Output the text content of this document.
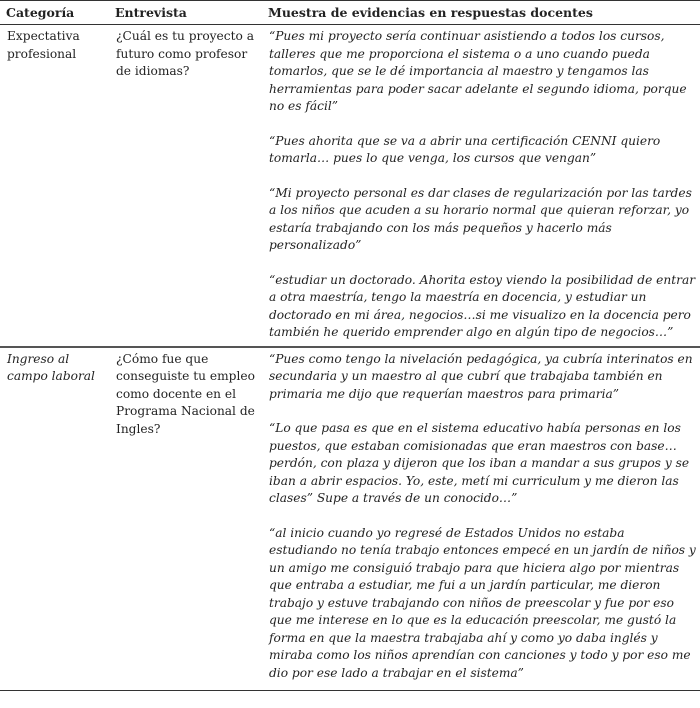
Categoría	Entrevista	Muestra de evidencias en respuestas docentes

Expectativa profesional	¿Cuál es tu proyecto a futuro como profesor de idiomas?	“Pues mi proyecto sería continuar asistiendo a todos los cursos, talleres que me proporciona el sistema o a uno cuando pueda tomarlos, que se le dé importancia al maestro y tengamos las herramientas para poder sacar adelante el segundo idioma, porque no es fácil”

“Pues ahorita que se va a abrir una certificación CENNI quiero tomarla… pues lo que venga, los cursos que vengan”

“Mi proyecto personal es dar clases de regularización por las tardes a los niños que acuden a su horario normal que quieran reforzar, yo estaría trabajando con los más pequeños y hacerlo más personalizado”

“estudiar un doctorado. Ahorita estoy viendo la posibilidad de entrar a otra maestría, tengo la maestría en docencia, y estudiar un doctorado en mi área, negocios…si me visualizo en la docencia pero también he querido emprender algo en algún tipo de negocios…”

Ingreso al campo laboral	¿Cómo fue que conseguiste tu empleo como docente en el Programa Nacional de Ingles?	“Pues como tengo la nivelación pedagógica, ya cubría interinatos en secundaria y un maestro al que cubrí que trabajaba también en primaria me dijo que requerían maestros para primaria”

“Lo que pasa es que en el sistema educativo había personas en los puestos, que estaban comisionadas que eran maestros con base… perdón, con plaza y dijeron que los iban a mandar a sus grupos y se iban a abrir espacios. Yo, este, metí mi curriculum y me dieron las clases” Supe a través de un conocido…”

“al inicio cuando yo regresé de Estados Unidos no estaba estudiando no tenía trabajo entonces empecé en un jardín de niños y un amigo me consiguió trabajo para que hiciera algo por mientras que entraba a estudiar, me fui a un jardín particular, me dieron trabajo y estuve trabajando con niños de preescolar y fue por eso que me interese en lo que es la educación preescolar, me gustó la forma en que la maestra trabajaba ahí y como yo daba inglés y miraba como los niños aprendían con canciones y todo y por eso me dio por ese lado a trabajar en el sistema”
